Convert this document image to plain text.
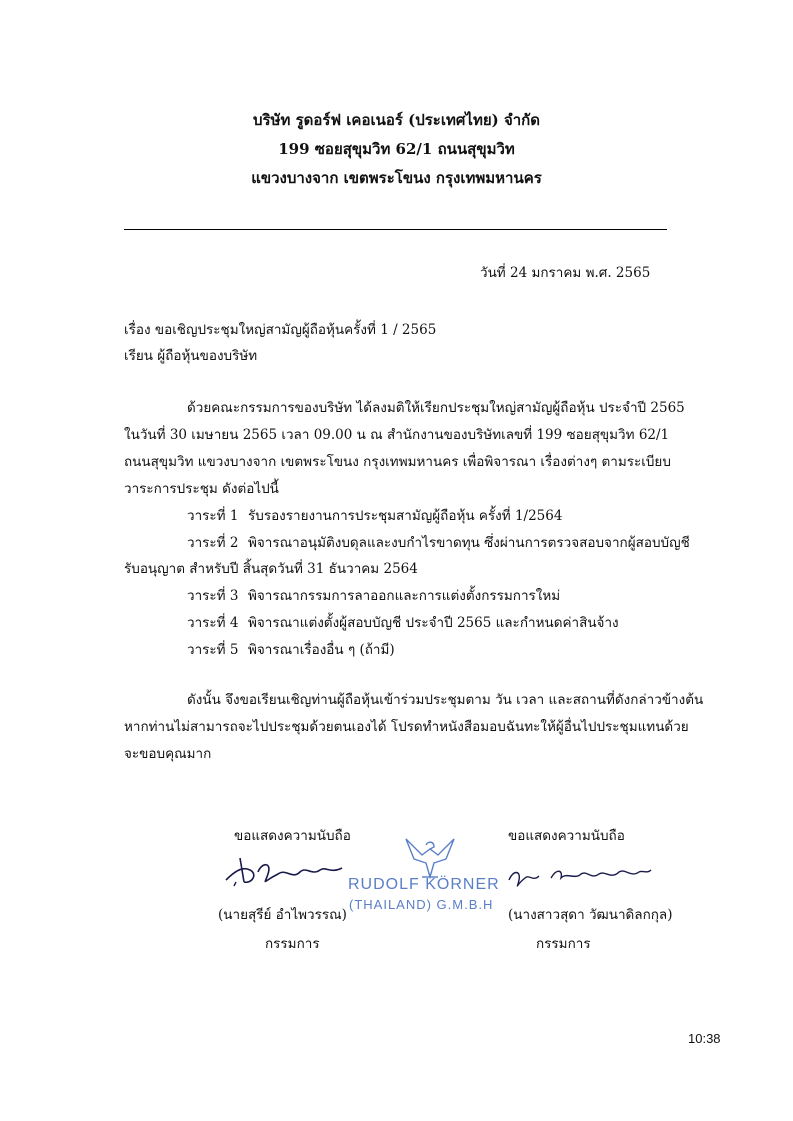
บริษัท รูดอร์ฟ เคอเนอร์ (ประเทศไทย) จำกัด
199 ซอยสุขุมวิท 62/1 ถนนสุขุมวิท
แขวงบางจาก เขตพระโขนง กรุงเทพมหานคร
วันที่ 24 มกราคม พ.ศ. 2565
เรื่อง ขอเชิญประชุมใหญ่สามัญผู้ถือหุ้นครั้งที่ 1 / 2565
เรียน ผู้ถือหุ้นของบริษัท
ด้วยคณะกรรมการของบริษัท ได้ลงมติให้เรียกประชุมใหญ่สามัญผู้ถือหุ้น ประจำปี 2565
ในวันที่ 30 เมษายน 2565 เวลา 09.00 น ณ สำนักงานของบริษัทเลขที่ 199 ซอยสุขุมวิท 62/1
ถนนสุขุมวิท แขวงบางจาก เขตพระโขนง กรุงเทพมหานคร เพื่อพิจารณา เรื่องต่างๆ ตามระเบียบ
วาระการประชุม ดังต่อไปนี้
วาระที่ 1 รับรองรายงานการประชุมสามัญผู้ถือหุ้น ครั้งที่ 1/2564
วาระที่ 2 พิจารณาอนุมัติงบดุลและงบกำไรขาดทุน ซึ่งผ่านการตรวจสอบจากผู้สอบบัญชี
รับอนุญาต สำหรับปี สิ้นสุดวันที่ 31 ธันวาคม 2564
วาระที่ 3 พิจารณากรรมการลาออกและการแต่งตั้งกรรมการใหม่
วาระที่ 4 พิจารณาแต่งตั้งผู้สอบบัญชี ประจำปี 2565 และกำหนดค่าสินจ้าง
วาระที่ 5 พิจารณาเรื่องอื่น ๆ (ถ้ามี)
ดังนั้น จึงขอเรียนเชิญท่านผู้ถือหุ้นเข้าร่วมประชุมตาม วัน เวลา และสถานที่ดังกล่าวข้างต้น
หากท่านไม่สามารถจะไปประชุมด้วยตนเองได้ โปรดทำหนังสือมอบฉันทะให้ผู้อื่นไปประชุมแทนด้วย
จะขอบคุณมาก
ขอแสดงความนับถือ
(นายสุรีย์ อำไพวรรณ)
กรรมการ
RUDOLF KÖRNER
(THAILAND) G.M.B.H
ขอแสดงความนับถือ
(นางสาวสุดา วัฒนาดิลกกุล)
กรรมการ
10:38
